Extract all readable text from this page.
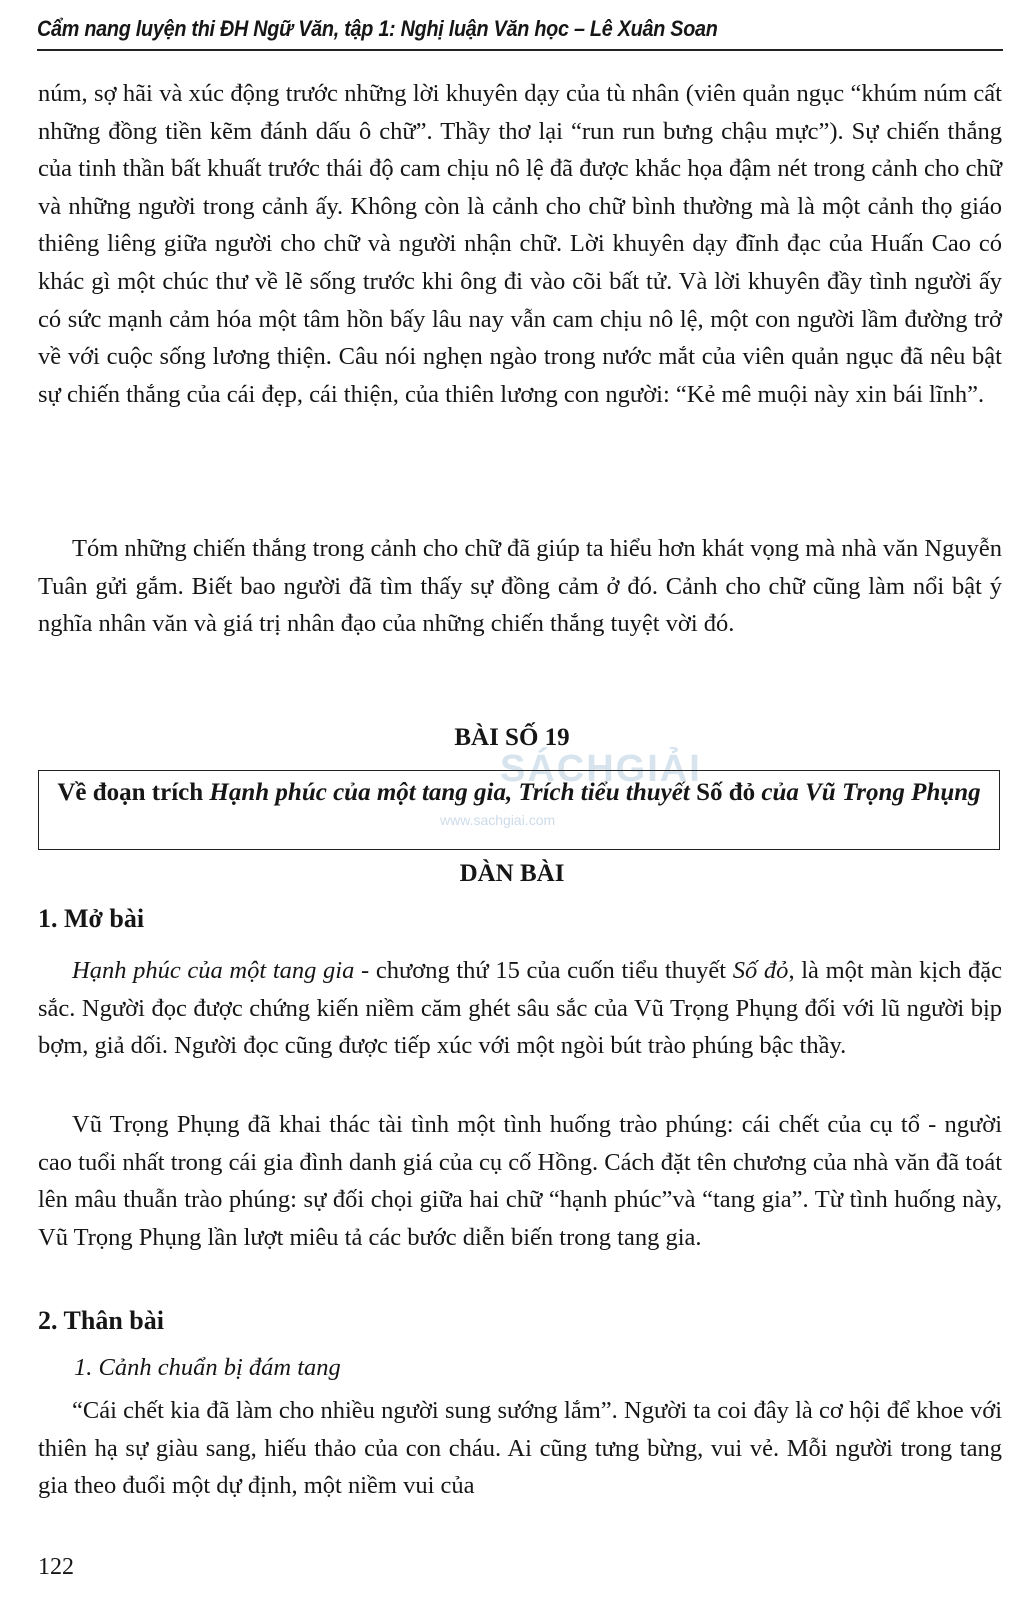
Cẩm nang luyện thi ĐH Ngữ Văn, tập 1: Nghị luận Văn học – Lê Xuân Soan

núm, sợ hãi và xúc động trước những lời khuyên dạy của tù nhân (viên quản ngục “khúm núm cất những đồng tiền kẽm đánh dấu ô chữ”. Thầy thơ lại “run run bưng chậu mực”). Sự chiến thắng của tinh thần bất khuất trước thái độ cam chịu nô lệ đã được khắc họa đậm nét trong cảnh cho chữ và những người trong cảnh ấy. Không còn là cảnh cho chữ bình thường mà là một cảnh thọ giáo thiêng liêng giữa người cho chữ và người nhận chữ. Lời khuyên dạy đĩnh đạc của Huấn Cao có khác gì một chúc thư về lẽ sống trước khi ông đi vào cõi bất tử. Và lời khuyên đầy tình người ấy có sức mạnh cảm hóa một tâm hồn bấy lâu nay vẫn cam chịu nô lệ, một con người lầm đường trở về với cuộc sống lương thiện. Câu nói nghẹn ngào trong nước mắt của viên quản ngục đã nêu bật sự chiến thắng của cái đẹp, cái thiện, của thiên lương con người: “Kẻ mê muội này xin bái lĩnh”.

Tóm những chiến thắng trong cảnh cho chữ đã giúp ta hiểu hơn khát vọng mà nhà văn Nguyễn Tuân gửi gắm. Biết bao người đã tìm thấy sự đồng cảm ở đó. Cảnh cho chữ cũng làm nổi bật ý nghĩa nhân văn và giá trị nhân đạo của những chiến thắng tuyệt vời đó.

BÀI SỐ 19
SÁCHGIẢI
www.sachgiai.com
Về đoạn trích Hạnh phúc của một tang gia, Trích tiểu thuyết Số đỏ của Vũ Trọng Phụng
DÀN BÀI
1. Mở bài

Hạnh phúc của một tang gia - chương thứ 15 của cuốn tiểu thuyết Số đỏ, là một màn kịch đặc sắc. Người đọc được chứng kiến niềm căm ghét sâu sắc của Vũ Trọng Phụng đối với lũ người bịp bợm, giả dối. Người đọc cũng được tiếp xúc với một ngòi bút trào phúng bậc thầy.

Vũ Trọng Phụng đã khai thác tài tình một tình huống trào phúng: cái chết của cụ tổ - người cao tuổi nhất trong cái gia đình danh giá của cụ cố Hồng. Cách đặt tên chương của nhà văn đã toát lên mâu thuẫn trào phúng: sự đối chọi giữa hai chữ “hạnh phúc”và “tang gia”. Từ tình huống này, Vũ Trọng Phụng lần lượt miêu tả các bước diễn biến trong tang gia.

2. Thân bài
1. Cảnh chuẩn bị đám tang

“Cái chết kia đã làm cho nhiều người sung sướng lắm”. Người ta coi đây là cơ hội để khoe với thiên hạ sự giàu sang, hiếu thảo của con cháu. Ai cũng tưng bừng, vui vẻ. Mỗi người trong tang gia theo đuổi một dự định, một niềm vui của

122
